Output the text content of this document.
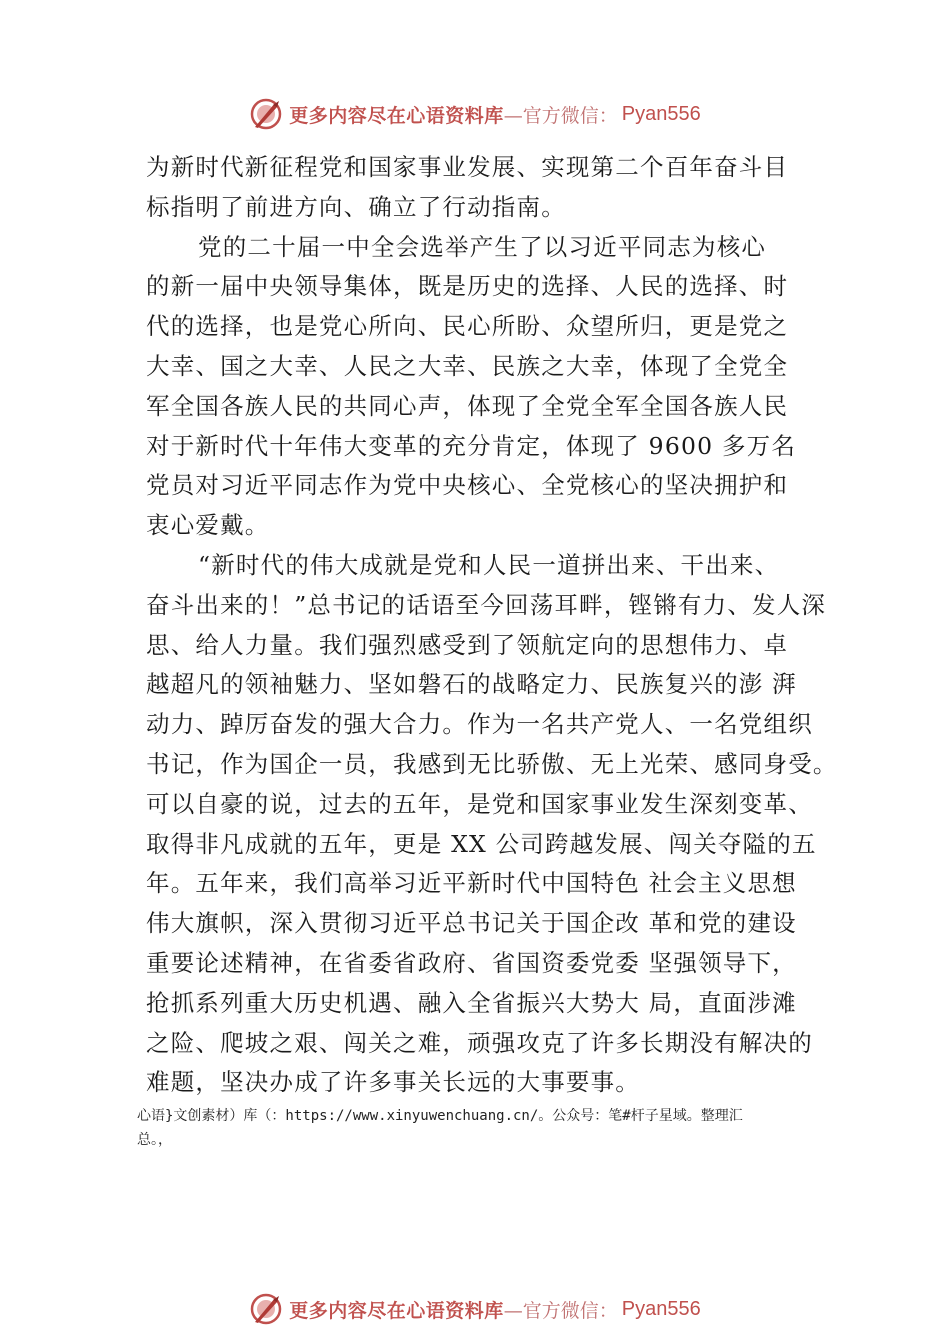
更多内容尽在心语资料库 —官方微信： Pyan556
为新时代新征程党和国家事业发展、实现第二个百年奋斗目
标指明了前进方向、确立了行动指南。
党的二十届一中全会选举产生了以习近平同志为核心
的新一届中央领导集体，既是历史的选择、人民的选择、时
代的选择，也是党心所向、民心所盼、众望所归，更是党之
大幸、国之大幸、人民之大幸、民族之大幸，体现了全党全
军全国各族人民的共同心声，体现了全党全军全国各族人民
对于新时代十年伟大变革的充分肯定，体现了 9600 多万名
党员对习近平同志作为党中央核心、全党核心的坚决拥护和
衷心爱戴。
“新时代的伟大成就是党和人民一道拼出来、干出来、
奋斗出来的！”总书记的话语至今回荡耳畔，铿锵有力、发人深
思、给人力量。我们强烈感受到了领航定向的思想伟力、卓
越超凡的领袖魅力、坚如磐石的战略定力、民族复兴的澎 湃
动力、踔厉奋发的强大合力。作为一名共产党人、一名党组织
书记，作为国企一员，我感到无比骄傲、无上光荣、感同身受。
可以自豪的说，过去的五年，是党和国家事业发生深刻变革、
取得非凡成就的五年，更是 XX 公司跨越发展、闯关夺隘的五
年。五年来，我们高举习近平新时代中国特色 社会主义思想
伟大旗帜，深入贯彻习近平总书记关于国企改 革和党的建设
重要论述精神，在省委省政府、省国资委党委 坚强领导下，
抢抓系列重大历史机遇、融入全省振兴大势大 局，直面涉滩
之险、爬坡之艰、闯关之难，顽强攻克了许多长期没有解决的
难题，坚决办成了许多事关长远的大事要事。
心语}文创素材）库（：https://www.xinyuwenchuang.cn/。公众号：笔#杆子星域。整理汇
总。，
更多内容尽在心语资料库 —官方微信： Pyan556
